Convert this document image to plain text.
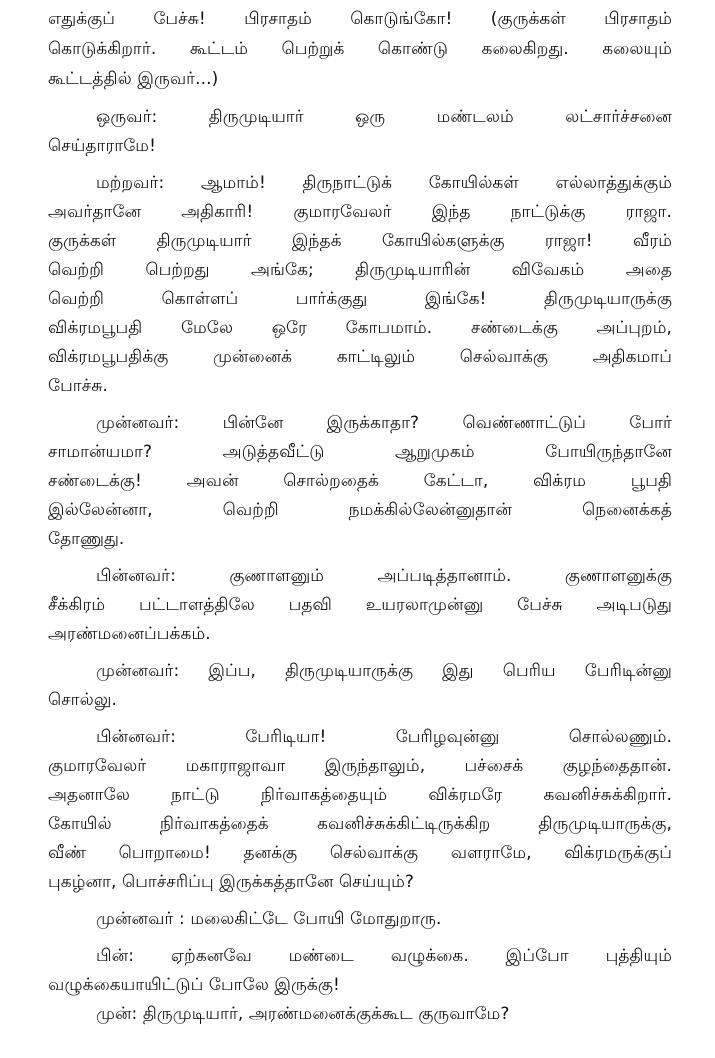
எதுக்குப் பேச்சு! பிரசாதம் கொடுங்கோ! (குருக்கள் பிரசாதம்
கொடுக்கிறார். கூட்டம் பெற்றுக் கொண்டு கலைகிறது. கலையும்
கூட்டத்தில் இருவர்...)
ஒருவர்: திருமுடியார் ஒரு மண்டலம் லட்சார்ச்சனை
செய்தாராமே!
மற்றவர்: ஆமாம்! திருநாட்டுக் கோயில்கள் எல்லாத்துக்கும்
அவர்தானே அதிகாரி! குமாரவேலர் இந்த நாட்டுக்கு ராஜா.
குருக்கள் திருமுடியார் இந்தக் கோயில்களுக்கு ராஜா! வீரம்
வெற்றி பெற்றது அங்கே; திருமுடியாரின் விவேகம் அதை
வெற்றி கொள்ளப் பார்க்குது இங்கே! திருமுடியாருக்கு
விக்ரமபூபதி மேலே ஒரே கோபமாம். சண்டைக்கு அப்புறம்,
விக்ரமபூபதிக்கு முன்னைக் காட்டிலும் செல்வாக்கு அதிகமாப்
போச்சு.
முன்னவர்: பின்னே இருக்காதா? வெண்ணாட்டுப் போர்
சாமான்யமா? அடுத்தவீட்டு ஆறுமுகம் போயிருந்தானே
சண்டைக்கு! அவன் சொல்றதைக் கேட்டா, விக்ரம பூபதி
இல்லேன்னா, வெற்றி நமக்கில்லேன்னுதான் நெனைக்கத்
தோணுது.
பின்னவர்: குணாளனும் அப்படித்தானாம். குணாளனுக்கு
சீக்கிரம் பட்டாளத்திலே பதவி உயரலாமுன்னு பேச்சு அடிபடுது
அரண்மனைப்பக்கம்.
முன்னவர்: இப்ப, திருமுடியாருக்கு இது பெரிய பேரிடின்னு
சொல்லு.
பின்னவர்: பேரிடியா! பேரிழவுன்னு சொல்லணும்.
குமாரவேலர் மகாராஜாவா இருந்தாலும், பச்சைக் குழந்தைதான்.
அதனாலே நாட்டு நிர்வாகத்தையும் விக்ரமரே கவனிச்சுக்கிறார்.
கோயில் நிர்வாகத்தைக் கவனிச்சுக்கிட்டிருக்கிற திருமுடியாருக்கு,
வீண் பொறாமை! தனக்கு செல்வாக்கு வளராமே, விக்ரமருக்குப்
புகழ்னா, பொச்சரிப்பு இருக்கத்தானே செய்யும்?
முன்னவர் : மலைகிட்டே போயி மோதுறாரு.
பின்: ஏற்கனவே மண்டை வழுக்கை. இப்போ புத்தியும்
வழுக்கையாயிட்டுப் போலே இருக்கு!
முன்: திருமுடியார், அரண்மனைக்குக்கூட குருவாமே?
